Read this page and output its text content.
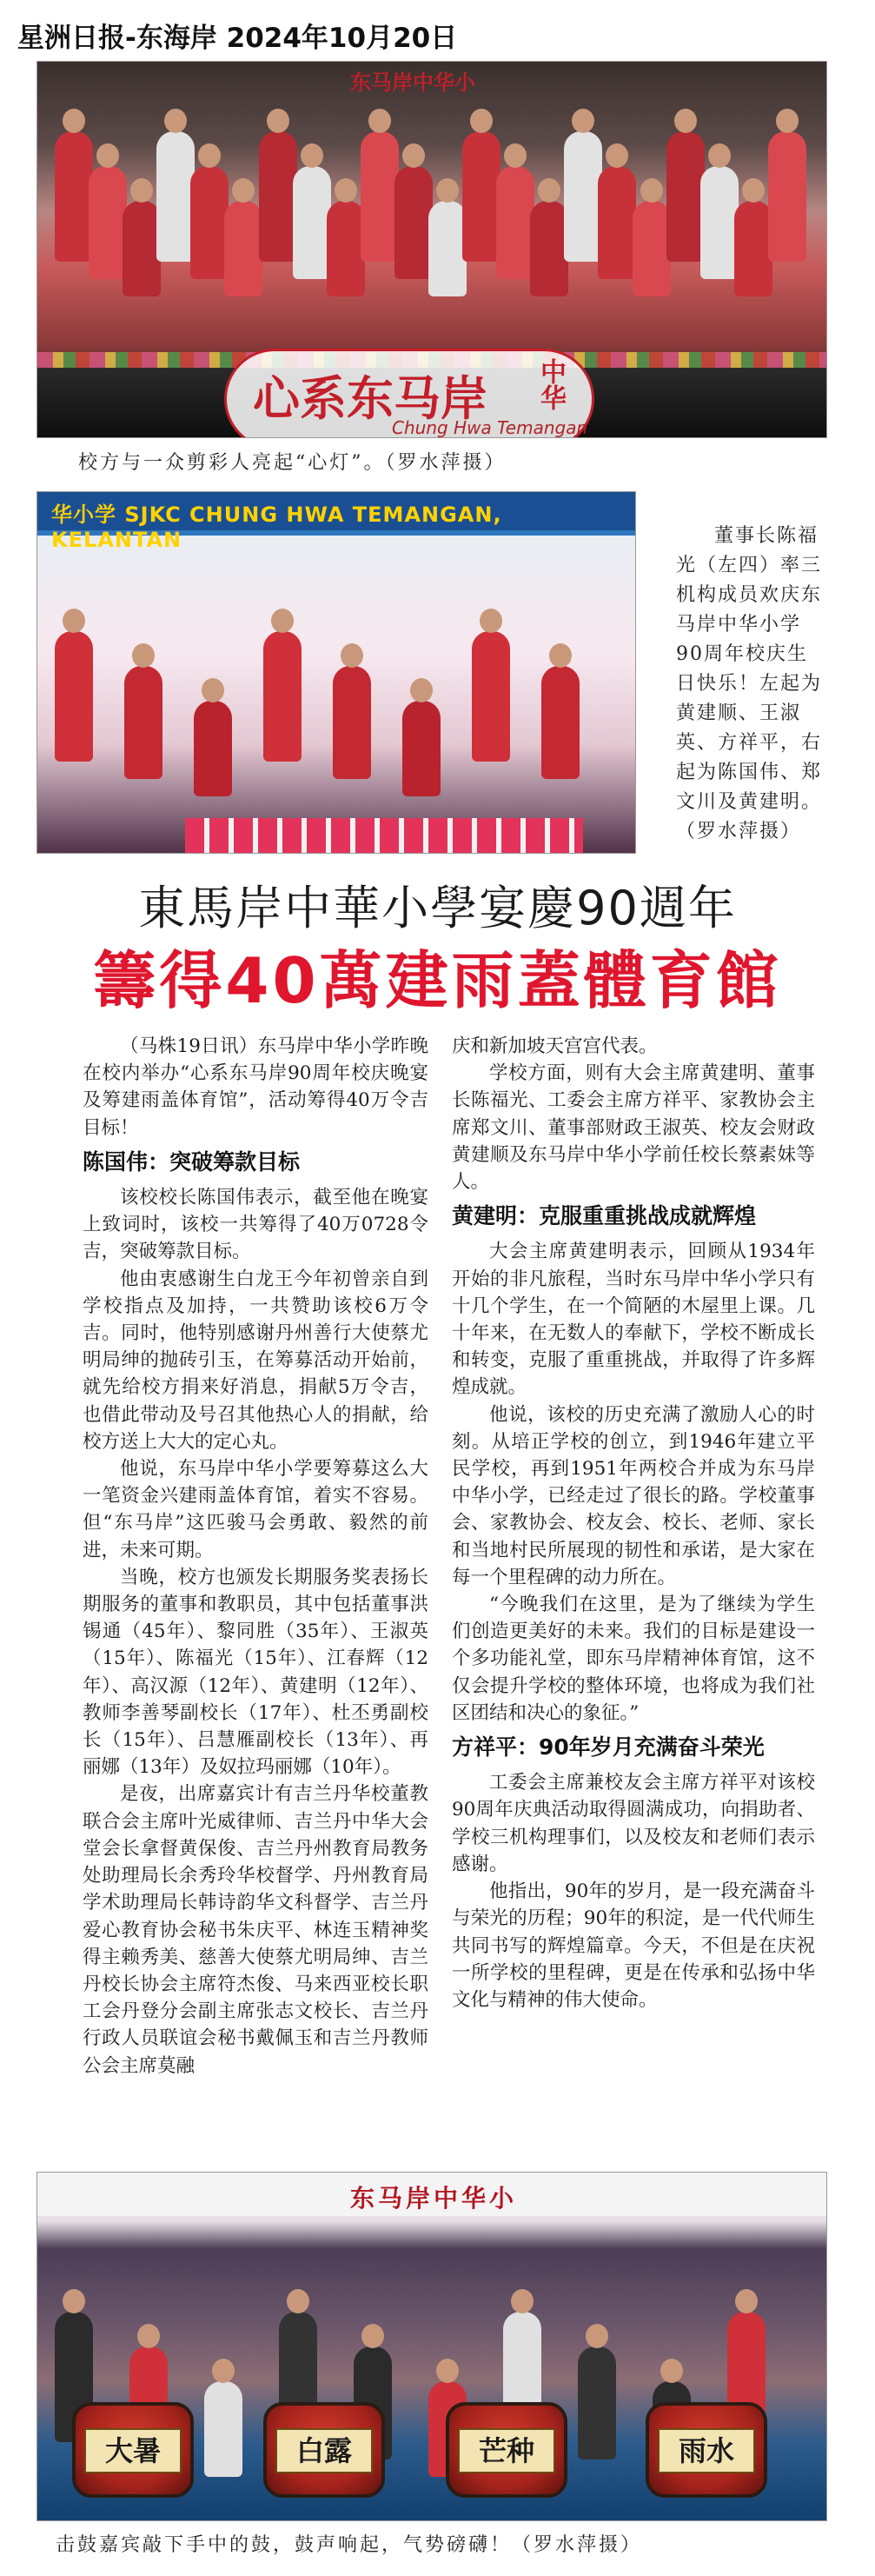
星洲日报-东海岸 2024年10月20日
东马岸中华小
心系东马岸 中华
Chung Hwa Temangan
校方与一众剪彩人亮起“心灯”。（罗水萍摄）
华小学 SJKC CHUNG HWA TEMANGAN, KELANTAN	董事长陈福光（左四）率三机构成员欢庆东马岸中华小学90周年校庆生日快乐！左起为黄建顺、王淑英、方祥平，右起为陈国伟、郑文川及黄建明。（罗水萍摄）
東馬岸中華小學宴慶90週年
籌得40萬建雨蓋體育館

（马株19日讯）东马岸中华小学昨晚在校内举办“心系东马岸90周年校庆晚宴及筹建雨盖体育馆”，活动筹得40万令吉目标！

陈国伟：突破筹款目标

该校校长陈国伟表示，截至他在晚宴上致词时，该校一共筹得了40万0728令吉，突破筹款目标。

他由衷感谢生白龙王今年初曾亲自到学校指点及加持，一共赞助该校6万令吉。同时，他特别感谢丹州善行大使蔡尤明局绅的抛砖引玉，在筹募活动开始前，就先给校方捐来好消息，捐献5万令吉，也借此带动及号召其他热心人的捐献，给校方送上大大的定心丸。

他说，东马岸中华小学要筹募这么大一笔资金兴建雨盖体育馆，着实不容易。但“东马岸”这匹骏马会勇敢、毅然的前进，未来可期。

当晚，校方也颁发长期服务奖表扬长期服务的董事和教职员，其中包括董事洪锡通（45年）、黎同胜（35年）、王淑英（15年）、陈福光（15年）、江春辉（12年）、高汉源（12年）、黄建明（12年）、教师李善琴副校长（17年）、杜丕勇副校长（15年）、吕慧雁副校长（13年）、再丽娜（13年）及奴拉玛丽娜（10年）。

是夜，出席嘉宾计有吉兰丹华校董教联合会主席叶光威律师、吉兰丹中华大会堂会长拿督黄保俊、吉兰丹州教育局教务处助理局长余秀玲华校督学、丹州教育局学术助理局长韩诗韵华文科督学、吉兰丹爱心教育协会秘书朱庆平、林连玉精神奖得主赖秀美、慈善大使蔡尤明局绅、吉兰丹校长协会主席符杰俊、马来西亚校长职工会丹登分会副主席张志文校长、吉兰丹行政人员联谊会秘书戴佩玉和吉兰丹教师公会主席莫融

庆和新加坡天宫宫代表。

学校方面，则有大会主席黄建明、董事长陈福光、工委会主席方祥平、家教协会主席郑文川、董事部财政王淑英、校友会财政黄建顺及东马岸中华小学前任校长蔡素妹等人。

黄建明：克服重重挑战成就辉煌

大会主席黄建明表示，回顾从1934年开始的非凡旅程，当时东马岸中华小学只有十几个学生，在一个简陋的木屋里上课。几十年来，在无数人的奉献下，学校不断成长和转变，克服了重重挑战，并取得了许多辉煌成就。

他说，该校的历史充满了激励人心的时刻。从培正学校的创立，到1946年建立平民学校，再到1951年两校合并成为东马岸中华小学，已经走过了很长的路。学校董事会、家教协会、校友会、校长、老师、家长和当地村民所展现的韧性和承诺，是大家在每一个里程碑的动力所在。

“今晚我们在这里，是为了继续为学生们创造更美好的未来。我们的目标是建设一个多功能礼堂，即东马岸精神体育馆，这不仅会提升学校的整体环境，也将成为我们社区团结和决心的象征。”

方祥平：90年岁月充满奋斗荣光

工委会主席兼校友会主席方祥平对该校90周年庆典活动取得圆满成功，向捐助者、学校三机构理事们，以及校友和老师们表示感谢。

他指出，90年的岁月，是一段充满奋斗与荣光的历程；90年的积淀，是一代代师生共同书写的辉煌篇章。今天，不但是在庆祝一所学校的里程碑，更是在传承和弘扬中华文化与精神的伟大使命。

东马岸中华小
大暑	白露	芒种	雨水
击鼓嘉宾敲下手中的鼓，鼓声响起，气势磅礴！（罗水萍摄）
